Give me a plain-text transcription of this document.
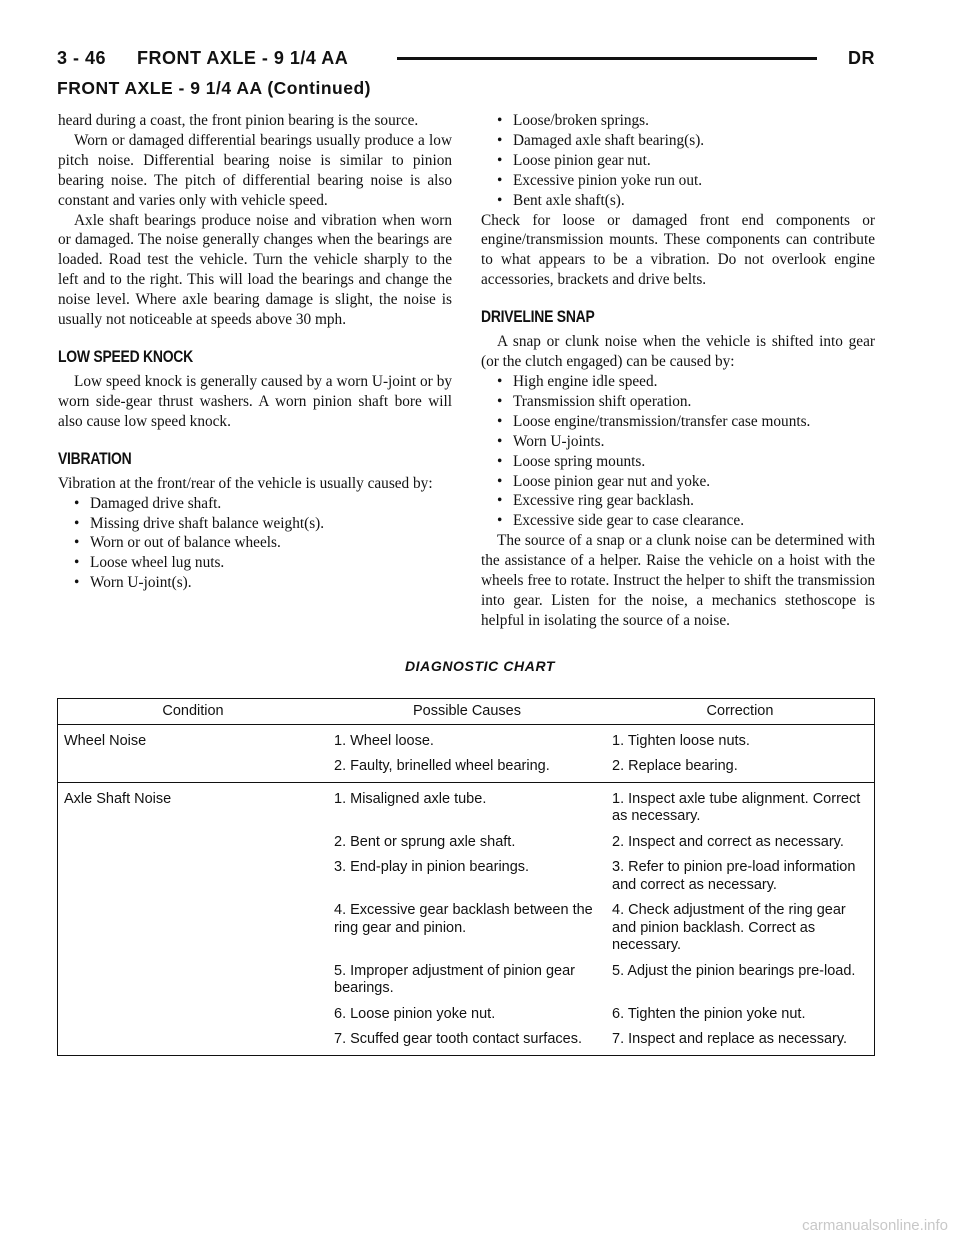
3 - 46 FRONT AXLE - 9 1/4 AA	DR
FRONT AXLE - 9 1/4 AA (Continued)

heard during a coast, the front pinion bearing is the source.

Worn or damaged differential bearings usually produce a low pitch noise. Differential bearing noise is similar to pinion bearing noise. The pitch of differential bearing noise is also constant and varies only with vehicle speed.

Axle shaft bearings produce noise and vibration when worn or damaged. The noise generally changes when the bearings are loaded. Road test the vehicle. Turn the vehicle sharply to the left and to the right. This will load the bearings and change the noise level. Where axle bearing damage is slight, the noise is usually not noticeable at speeds above 30 mph.

LOW SPEED KNOCK

Low speed knock is generally caused by a worn U-joint or by worn side-gear thrust washers. A worn pinion shaft bore will also cause low speed knock.

VIBRATION

Vibration at the front/rear of the vehicle is usually caused by:

• Damaged drive shaft.
• Missing drive shaft balance weight(s).
• Worn or out of balance wheels.
• Loose wheel lug nuts.
• Worn U-joint(s).
• Loose/broken springs.
• Damaged axle shaft bearing(s).
• Loose pinion gear nut.
• Excessive pinion yoke run out.
• Bent axle shaft(s).

Check for loose or damaged front end components or engine/transmission mounts. These components can contribute to what appears to be a vibration. Do not overlook engine accessories, brackets and drive belts.

DRIVELINE SNAP

A snap or clunk noise when the vehicle is shifted into gear (or the clutch engaged) can be caused by:

• High engine idle speed.
• Transmission shift operation.
• Loose engine/transmission/transfer case mounts.
• Worn U-joints.
• Loose spring mounts.
• Loose pinion gear nut and yoke.
• Excessive ring gear backlash.
• Excessive side gear to case clearance.

The source of a snap or a clunk noise can be determined with the assistance of a helper. Raise the vehicle on a hoist with the wheels free to rotate. Instruct the helper to shift the transmission into gear. Listen for the noise, a mechanics stethoscope is helpful in isolating the source of a noise.

DIAGNOSTIC CHART
Condition	Possible Causes	Correction
Wheel Noise	1. Wheel loose.	1. Tighten loose nuts.
	2. Faulty, brinelled wheel bearing.	2. Replace bearing.
Axle Shaft Noise	1. Misaligned axle tube.	1. Inspect axle tube alignment. Correct as necessary.
	2. Bent or sprung axle shaft.	2. Inspect and correct as necessary.
	3. End-play in pinion bearings.	3. Refer to pinion pre-load information and correct as necessary.
	4. Excessive gear backlash between the ring gear and pinion.	4. Check adjustment of the ring gear and pinion backlash. Correct as necessary.
	5. Improper adjustment of pinion gear bearings.	5. Adjust the pinion bearings pre-load.
	6. Loose pinion yoke nut.	6. Tighten the pinion yoke nut.
	7. Scuffed gear tooth contact surfaces.	7. Inspect and replace as necessary.
carmanualsonline.info
